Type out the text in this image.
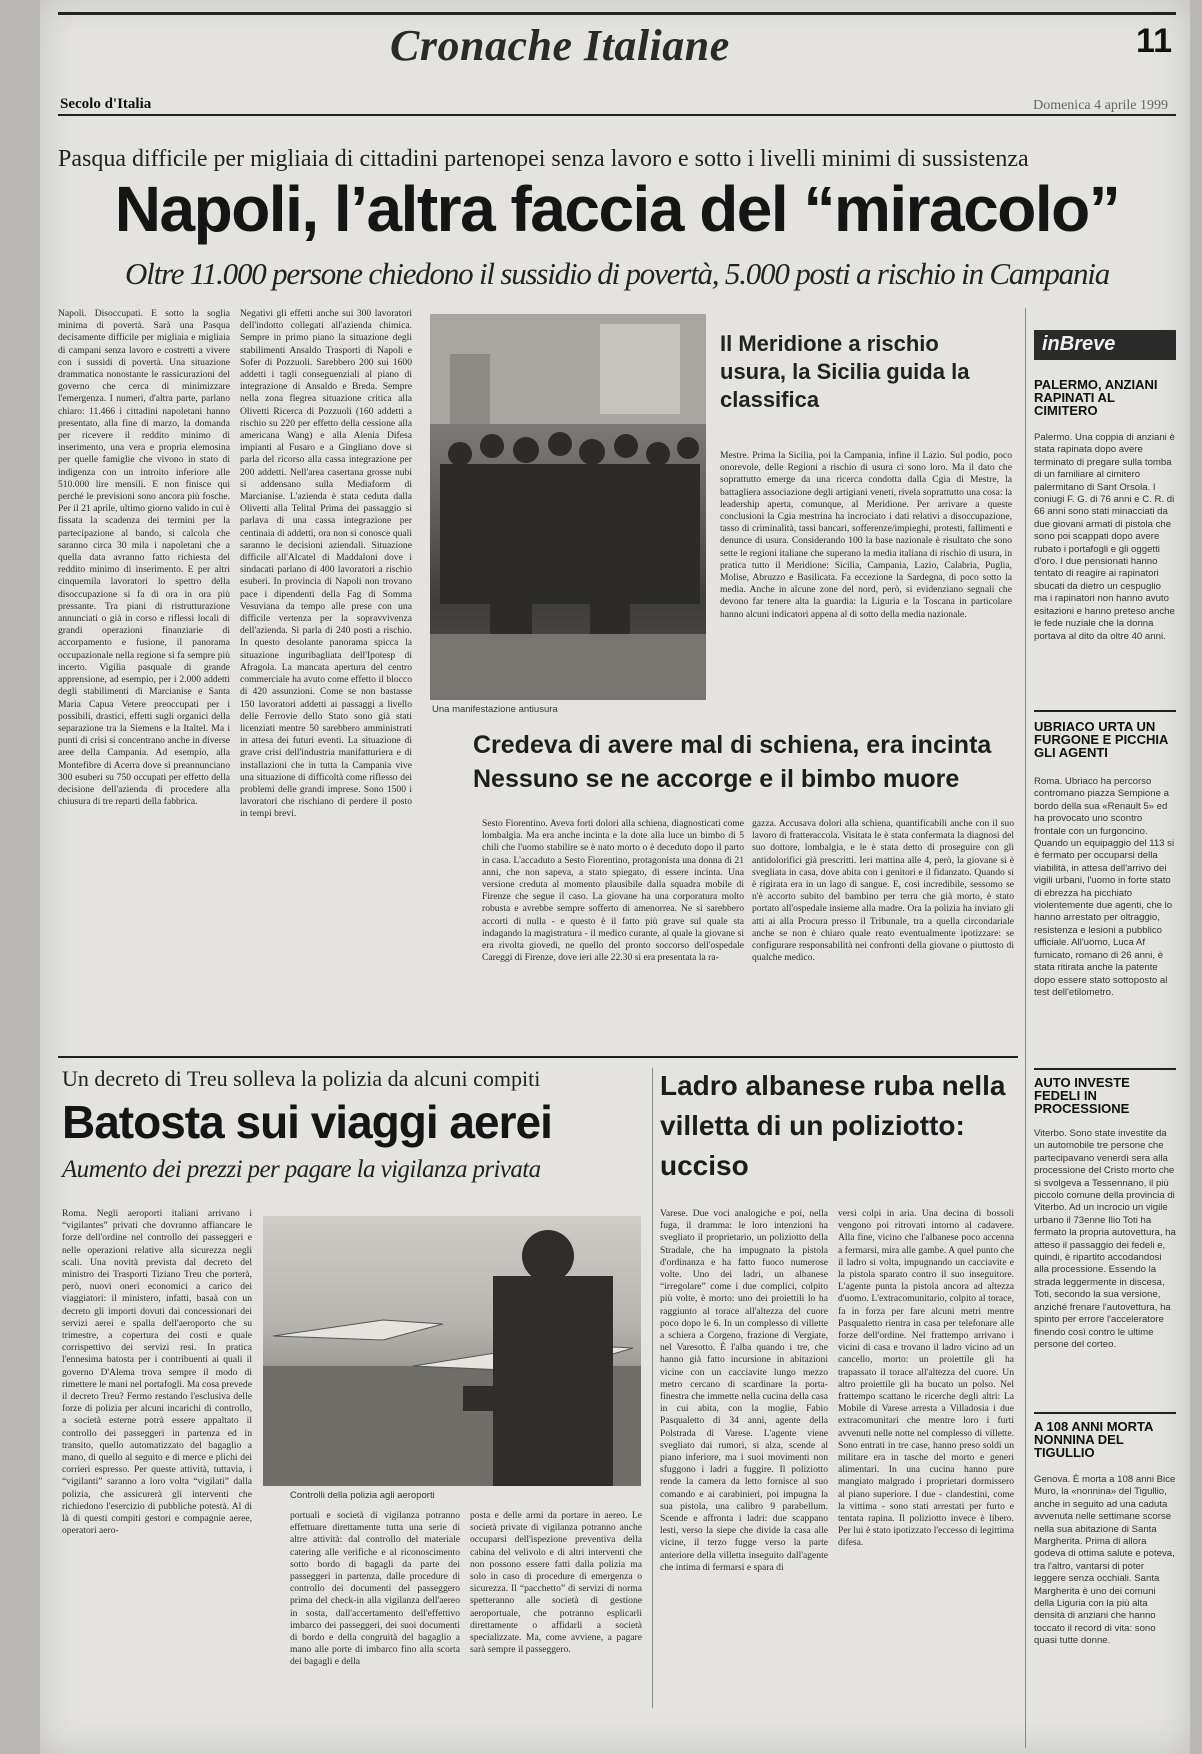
Cronache Italiane	11
Secolo d'Italia	Domenica 4 aprile 1999
Pasqua difficile per migliaia di cittadini partenopei senza lavoro e sotto i livelli minimi di sussistenza
Napoli, l’altra faccia del “miracolo”
Oltre 11.000 persone chiedono il sussidio di povertà, 5.000 posti a rischio in Campania
Napoli. Disoccupati. E sotto la soglia minima di povertà. Sarà una Pasqua decisamente difficile per migliaia e migliaia di campani senza lavoro e costretti a vivere con i sussidi di povertà. Una situazione drammatica nonostante le rassicurazioni del governo che cerca di minimizzare l'emergenza. I numeri, d'altra parte, parlano chiaro: 11.466 i cittadini napoletani hanno presentato, alla fine di marzo, la domanda per ricevere il reddito minimo di inserimento, una vera e propria elemosina per quelle famiglie che vivono in stato di indigenza con un introito inferiore alle 510.000 lire mensili. E non finisce qui perché le previsioni sono ancora più fosche. Per il 21 aprile, ultimo giorno valido in cui è fissata la scadenza dei termini per la partecipazione al bando, si calcola che saranno circa 30 mila i napoletani che a quella data avranno fatto richiesta del reddito minimo di inserimento. E per altri cinquemila lavoratori lo spettro della disoccupazione si fa di ora in ora più pressante. Tra piani di ristrutturazione annunciati o già in corso e riflessi locali di grandi operazioni finanziarie di accorpamento e fusione, il panorama occupazionale nella regione si fa sempre più incerto. Vigilia pasquale di grande apprensione, ad esempio, per i 2.000 addetti degli stabilimenti di Marcianise e Santa Maria Capua Vetere preoccupati per i possibili, drastici, effetti sugli organici della separazione tra la Siemens e la Italtel. Ma i punti di crisi si concentrano anche in diverse aree della Campania. Ad esempio, alla Montefibre di Acerra dove si preannunciano 300 esuberi su 750 occupati per effetto della decisione dell'azienda di procedere alla chiusura di tre reparti della fabbrica.
Negativi gli effetti anche sui 300 lavoratori dell'indotto collegati all'azienda chimica. Sempre in primo piano la situazione degli stabilimenti Ansaldo Trasporti di Napoli e Sofer di Pozzuoli. Sarebbero 200 sui 1600 addetti i tagli conseguenziali al piano di integrazione di Ansaldo e Breda. Sempre nella zona flegrea situazione critica alla Olivetti Ricerca di Pozzuoli (160 addetti a rischio su 220 per effetto della cessione alla americana Wang) e alla Alenia Difesa impianti al Fusaro e a Gingliano dove si parla del ricorso alla cassa integrazione per 200 addetti. Nell'area casertana grosse nubi si addensano sulla Mediaform di Marcianise. L'azienda è stata ceduta dalla Olivetti alla Telital Prima dei passaggio si parlava di una cassa integrazione per centinaia di addetti, ora non si conosce quali saranno le decisioni aziendali. Situazione difficile all'Alcatel di Maddaloni dove i sindacati parlano di 400 lavoratori a rischio esuberi. In provincia di Napoli non trovano pace i dipendenti della Fag di Somma Vesuviana da tempo alle prese con una difficile vertenza per la sopravvivenza dell'azienda. Si parla di 240 posti a rischio. In questo desolante panorama spicca la situazione inguribagliata dell'Ipotesp di Afragola. La mancata apertura del centro commerciale ha avuto come effetto il blocco di 420 assunzioni. Come se non bastasse 150 lavoratori addetti ai passaggi a livello delle Ferrovie dello Stato sono già stati licenziati mentre 50 sarebbero amministrati in attesa dei futuri eventi. La situazione di grave crisi dell'industria manifatturiera e di installazioni che in tutta la Campania vive una situazione di difficoltà come riflesso dei problemi delle grandi imprese. Sono 1500 i lavoratori che rischiano di perdere il posto in tempi brevi.
Una manifestazione antiusura
Il Meridione a rischio usura, la Sicilia guida la classifica
Mestre. Prima la Sicilia, poi la Campania, infine il Lazio. Sul podio, poco onorevole, delle Regioni a rischio di usura ci sono loro. Ma il dato che soprattutto emerge da una ricerca condotta dalla Cgia di Mestre, la battagliera associazione degli artigiani veneti, rivela soprattutto una cosa: la leadership aperta, comunque, al Meridione. Per arrivare a queste conclusioni la Cgia mestrina ha incrociato i dati relativi a disoccupazione, tasso di criminalità, tassi bancari, sofferenze/impieghi, protesti, fallimenti e denunce di usura. Considerando 100 la base nazionale è risultato che sono sette le regioni italiane che superano la media italiana di rischio di usura, in pratica tutto il Meridione: Sicilia, Campania, Lazio, Calabria, Puglia, Molise, Abruzzo e Basilicata. Fa eccezione la Sardegna, di poco sotto la media. Anche in alcune zone del nord, però, si evidenziano segnali che devono far tenere alta la guardia: la Liguria e la Toscana in particolare hanno alcuni indicatori appena al di sotto della media nazionale.
Credeva di avere mal di schiena, era incinta
Nessuno se ne accorge e il bimbo muore
Sesto Fiorentino. Aveva forti dolori alla schiena, diagnosticati come lombalgia. Ma era anche incinta e la dote alla luce un bimbo di 5 chili che l'uomo stabilire se è nato morto o è deceduto dopo il parto in casa. L'accaduto a Sesto Fiorentino, protagonista una donna di 21 anni, che non sapeva, a stato spiegato, di essere incinta. Una versione creduta al momento plausibile dalla squadra mobile di Firenze che segue il caso. La giovane ha una corporatura molto robusta e avrebbe sempre sofferto di amenorrea. Ne si sarebbero accorti di nulla - e questo è il fatto più grave sul quale sta indagando la magistratura - il medico curante, al quale la giovane si era rivolta giovedì, ne quello del pronto soccorso dell'ospedale Careggi di Firenze, dove ieri alle 22.30 si era presentata la ra-
gazza. Accusava dolori alla schiena, quantificabili anche con il suo lavoro di fratteraccola. Visitata le è stata confermata la diagnosi del suo dottore, lombalgia, e le è stata detto di proseguire con gli antidolorifici già prescritti. Ieri mattina alle 4, però, la giovane si è svegliata in casa, dove abita con i genitori e il fidanzato. Quando si è rigirata era in un lago di sangue. E, così incredibile, sessomo se n'è accorto subito del bambino per terra che già morto, è stato portato all'ospedale insieme alla madre. Ora la polizia ha inviato gli atti ai alla Procura presso il Tribunale, tra a quella circondariale anche se non è chiaro quale reato eventualmente ipotizzare: se configurare responsabilità nei confronti della giovane o piuttosto di qualche medico.
inBreve
PALERMO, ANZIANI RAPINATI AL CIMITERO
Palermo. Una coppia di anziani è stata rapinata dopo avere terminato di pregare sulla tomba di un familiare al cimitero palermitano di Sant Orsola. I coniugi F. G. di 76 anni e C. R. di 66 anni sono stati minacciati da due giovani armati di pistola che sono poi scappati dopo avere rubato i portafogli e gli oggetti d'oro. I due pensionati hanno tentato di reagire ai rapinatori sbucati da dietro un cespuglio ma i rapinatori non hanno avuto esitazioni e hanno preteso anche le fede nuziale che la donna portava al dito da oltre 40 anni.
UBRIACO URTA UN FURGONE E PICCHIA GLI AGENTI
Roma. Ubriaco ha percorso contromano piazza Sempione a bordo della sua «Renault 5» ed ha provocato uno scontro frontale con un furgoncino. Quando un equipaggio del 113 si è fermato per occuparsi della viabilità, in attesa dell'arrivo dei vigili urbani, l'uomo in forte stato di ebrezza ha picchiato violentemente due agenti, che lo hanno arrestato per oltraggio, resistenza e lesioni a pubblico ufficiale. All'uomo, Luca Af fumicato, romano di 26 anni, è stata ritirata anche la patente dopo essere stato sottoposto al test dell'etilometro.
AUTO INVESTE FEDELI IN PROCESSIONE
Viterbo. Sono state investite da un automobile tre persone che partecipavano venerdì sera alla processione del Cristo morto che si svolgeva a Tessennano, il più piccolo comune della provincia di Viterbo. Ad un incrocio un vigile urbano il 73enne Ilio Toti ha fermato la propria autovettura, ha atteso il passaggio dei fedeli e, quindi, è ripartito accodandosi alla processione. Essendo la strada leggermente in discesa, Toti, secondo la sua versione, anziché frenare l'autovettura, ha spinto per errore l'acceleratore finendo così contro le ultime persone del corteo.
A 108 ANNI MORTA NONNINA DEL TIGULLIO
Genova. È morta a 108 anni Bice Muro, la «nonnina» del Tigullio, anche in seguito ad una caduta avvenuta nelle settimane scorse nella sua abitazione di Santa Margherita. Prima di allora godeva di ottima salute e poteva, tra l'altro, vantarsi di poter leggere senza occhiali. Santa Margherita è uno dei comuni della Liguria con la più alta densità di anziani che hanno toccato il record di vita: sono quasi tutte donne.
Un decreto di Treu solleva la polizia da alcuni compiti
Batosta sui viaggi aerei
Aumento dei prezzi per pagare la vigilanza privata
Roma. Negli aeroporti italiani arrivano i “vigilantes” privati che dovranno affiancare le forze dell'ordine nel controllo dei passeggeri e nelle operazioni relative alla sicurezza negli scali. Una novità prevista dal decreto del ministro dei Trasporti Tiziano Treu che porterà, però, nuovi oneri economici a carico dei viaggiatori: il ministero, infatti, basaà con un decreto gli importi dovuti dai concessionari dei servizi aerei e spalla dell'aeroporto che su trimestre, a copertura dei costi e quale corrispettivo dei servizi resi. In pratica l'ennesima batosta per i contribuenti ai quali il governo D'Alema trova sempre il modo di rimettere le mani nel portafogli. Ma cosa prevede il decreto Treu? Fermo restando l'esclusiva delle forze di polizia per alcuni incarichi di controllo, a società esterne potrà essere appaltato il controllo dei passeggeri in partenza ed in transito, quello automatizzato del bagaglio a mano, di quello al seguito e di merce e plichi dei corrieri espresso. Per queste attività, tuttavia, i “vigilanti” saranno a loro volta “vigilati” dalla polizia, che assicurerà gli interventi che richiedono l'esercizio di pubbliche potestà. Al di là di questi compiti gestori e compagnie aeree, operatori aero-
Controlli della polizia agli aeroporti
portuali e società di vigilanza potranno effettuare direttamente tutta una serie di altre attività: dal controllo del materiale catering alle verifiche e al riconoscimento sotto bordo di bagagli da parte dei passeggeri in partenza, dalle procedure di controllo dei documenti del passeggero prima del check-in alla vigilanza dell'aereo in sosta, dall'accertamento dell'effettivo imbarco dei passeggeri, dei suoi documenti di bordo e della congruità del bagaglio a mano alle porte di imbarco fino alla scorta dei bagagli e della
posta e delle armi da portare in aereo. Le società private di vigilanza potranno anche occuparsi dell'ispezione preventiva della cabina del velivolo e di altri interventi che non possono essere fatti dalla polizia ma solo in caso di procedure di emergenza o sicurezza. Il “pacchetto” di servizi di norma spetteranno alle società di gestione aeroportuale, che potranno esplicarli direttamente o affidarli a società specializzate. Ma, come avviene, a pagare sarà sempre il passeggero.
Ladro albanese ruba nella villetta di un poliziotto: ucciso
Varese. Due voci analogiche e poi, nella fuga, il dramma: le loro intenzioni ha svegliato il proprietario, un poliziotto della Stradale, che ha impugnato la pistola d'ordinanza e ha fatto fuoco numerose volte. Uno dei ladri, un albanese “irregolare” come i due complici, colpito più volte, è morto: uno dei proiettili lo ha raggiunto al torace all'altezza del cuore poco dopo le 6. In un complesso di villette a schiera a Corgeno, frazione di Vergiate, nel Varesotto. È l'alba quando i tre, che hanno già fatto incursione in abitazioni vicine con un cacciavite lungo mezzo metro cercano di scardinare la porta-finestra che immette nella cucina della casa in cui abita, con la moglie, Fabio Pasqualetto di 34 anni, agente della Polstrada di Varese. L'agente viene svegliato dai rumori, si alza, scende al piano inferiore, ma i suoi movimenti non sfuggono i ladri a fuggire. Il poliziotto rende la camera da letto fornisce al suo comando e ai carabinieri, poi impugna la sua pistola, una calibro 9 parabellum. Scende e affronta i ladri: due scappano lesti, verso la siepe che divide la casa alle vicine, il terzo fugge verso la parte anteriore della villetta inseguito dall'agente che intima di fermarsi e spara di
versi colpi in aria. Una decina di bossoli vengono poi ritrovati intorno al cadavere. Alla fine, vicino che l'albanese poco accenna a fermarsi, mira alle gambe. A quel punto che il ladro si volta, impugnando un cacciavite e la pistola sparato contro il suo inseguitore. L'agente punta la pistola ancora ad altezza d'uomo. L'extracomunitario, colpito al torace, fa in forza per fare alcuni metri mentre Pasqualetto rientra in casa per telefonare alle forze dell'ordine. Nel frattempo arrivano i vicini di casa e trovano il ladro vicino ad un cancello, morto: un proiettile gli ha trapassato il torace all'altezza del cuore. Un altro proiettile gli ha bucato un polso. Nel frattempo scattano le ricerche degli altri: La Mobile di Varese arresta a Villadosia i due extracomunitari che mentre loro i furti avvenuti nelle notte nel complesso di villette. Sono entrati in tre case, hanno preso soldi un militare era in tasche del morto e generi alimentari. In una cucina hanno pure mangiato malgrado i proprietari dormissero al piano superiore. I due - clandestini, come la vittima - sono stati arrestati per furto e tentata rapina. Il poliziotto invece è libero. Per lui è stato ipotizzato l'eccesso di legittima difesa.
